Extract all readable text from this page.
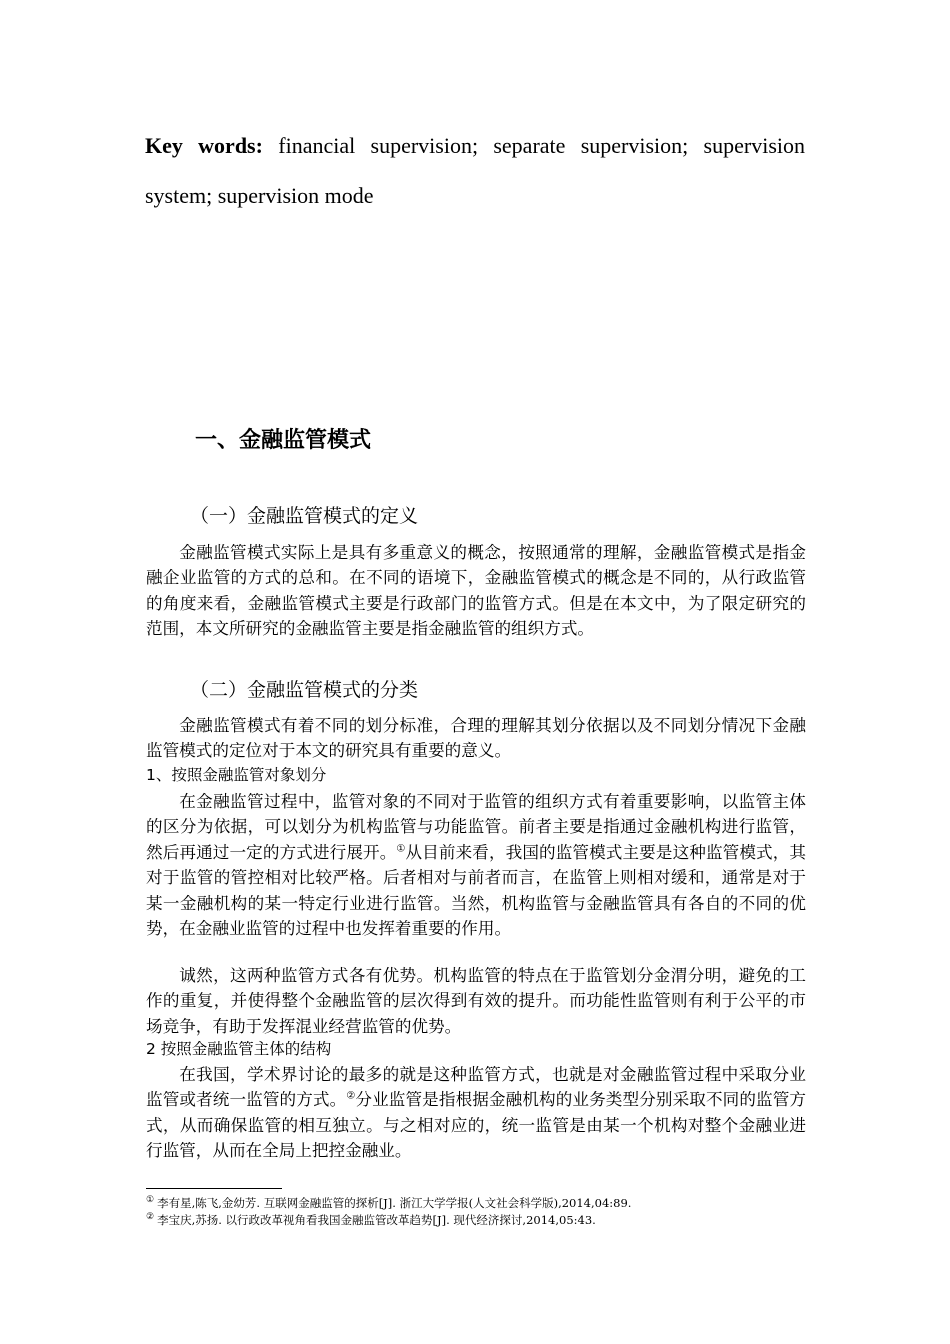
Key words: financial supervision; separate supervision; supervision system; supervision mode
一、金融监管模式
（一）金融监管模式的定义

金融监管模式实际上是具有多重意义的概念，按照通常的理解，金融监管模式是指金融企业监管的方式的总和。在不同的语境下，金融监管模式的概念是不同的，从行政监管的角度来看，金融监管模式主要是行政部门的监管方式。但是在本文中，为了限定研究的范围，本文所研究的金融监管主要是指金融监管的组织方式。

（二）金融监管模式的分类

金融监管模式有着不同的划分标准，合理的理解其划分依据以及不同划分情况下金融监管模式的定位对于本文的研究具有重要的意义。

1、按照金融监管对象划分

在金融监管过程中，监管对象的不同对于监管的组织方式有着重要影响，以监管主体的区分为依据，可以划分为机构监管与功能监管。前者主要是指通过金融机构进行监管，然后再通过一定的方式进行展开。①从目前来看，我国的监管模式主要是这种监管模式，其对于监管的管控相对比较严格。后者相对与前者而言，在监管上则相对缓和，通常是对于某一金融机构的某一特定行业进行监管。当然，机构监管与金融监管具有各自的不同的优势，在金融业监管的过程中也发挥着重要的作用。

诚然，这两种监管方式各有优势。机构监管的特点在于监管划分金渭分明，避免的工作的重复，并使得整个金融监管的层次得到有效的提升。而功能性监管则有利于公平的市场竞争，有助于发挥混业经营监管的优势。

2 按照金融监管主体的结构

在我国，学术界讨论的最多的就是这种监管方式，也就是对金融监管过程中采取分业监管或者统一监管的方式。②分业监管是指根据金融机构的业务类型分别采取不同的监管方式，从而确保监管的相互独立。与之相对应的，统一监管是由某一个机构对整个金融业进行监管，从而在全局上把控金融业。

① 李有星,陈飞,金幼芳. 互联网金融监管的探析[J]. 浙江大学学报(人文社会科学版),2014,04:89.
② 李宝庆,苏扬. 以行政改革视角看我国金融监管改革趋势[J]. 现代经济探讨,2014,05:43.
